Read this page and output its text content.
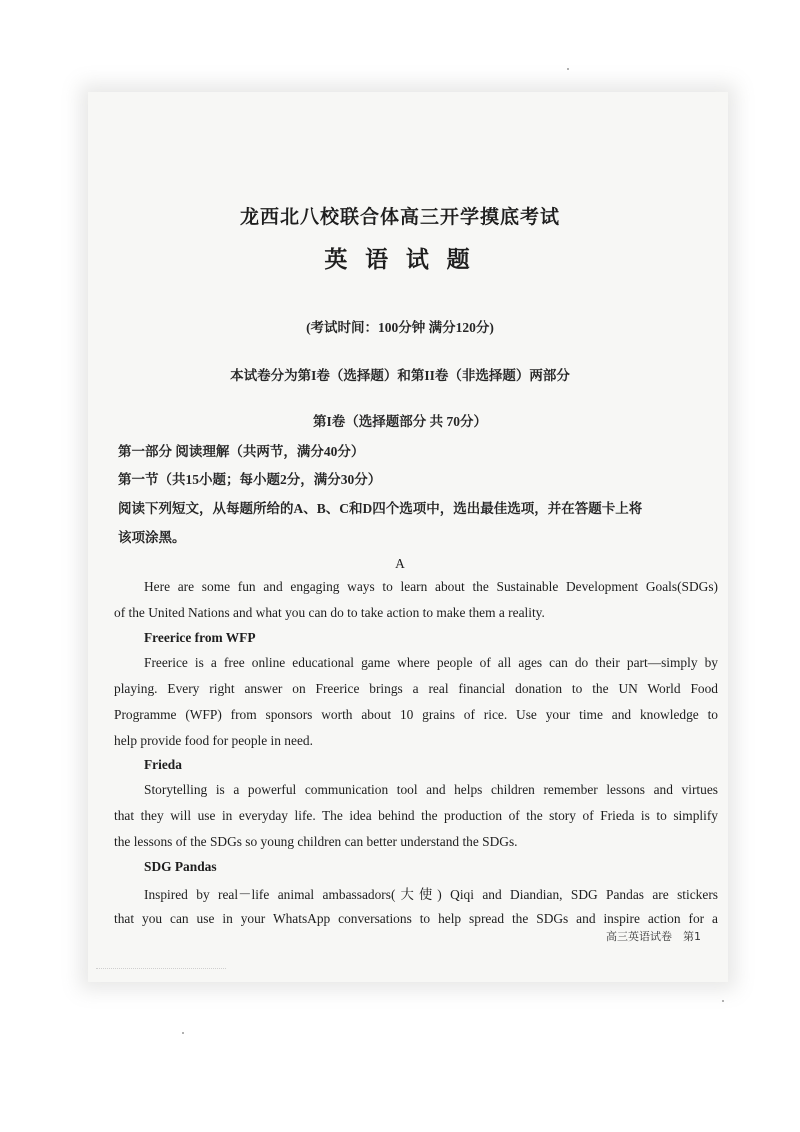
龙西北八校联合体高三开学摸底考试
英 语 试 题
(考试时间：100分钟 满分120分)
本试卷分为第I卷（选择题）和第II卷（非选择题）两部分
第I卷（选择题部分 共 70分）
第一部分 阅读理解（共两节，满分40分）
第一节（共15小题；每小题2分，满分30分）
阅读下列短文，从每题所给的A、B、C和D四个选项中，选出最佳选项，并在答题卡上将
该项涂黑。
A
Here are some fun and engaging ways to learn about the Sustainable Development Goals(SDGs)
of the United Nations and what you can do to take action to make them a reality.
Freerice from WFP
Freerice is a free online educational game where people of all ages can do their part—simply by
playing. Every right answer on Freerice brings a real financial donation to the UN World Food
Programme (WFP) from sponsors worth about 10 grains of rice. Use your time and knowledge to
help provide food for people in need.
Frieda
Storytelling is a powerful communication tool and helps children remember lessons and virtues
that they will use in everyday life. The idea behind the production of the story of Frieda is to simplify
the lessons of the SDGs so young children can better understand the SDGs.
SDG Pandas
Inspired by real－life animal ambassadors(大使) Qiqi and Diandian, SDG Pandas are stickers
that you can use in your WhatsApp conversations to help spread the SDGs and inspire action for a
高三英语试卷　第1
